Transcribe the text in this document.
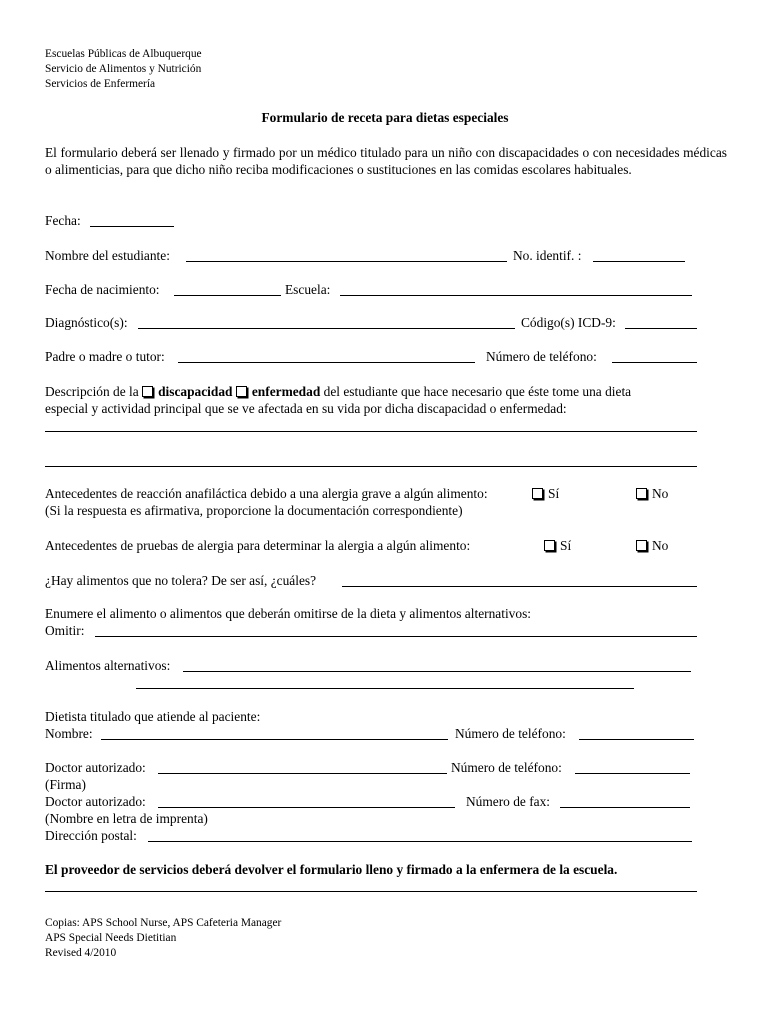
Escuelas Públicas de Albuquerque
Servicio de Alimentos y Nutrición
Servicios de Enfermería
Formulario de receta para dietas especiales
El formulario deberá ser llenado y firmado por un médico titulado para un niño con discapacidades o con necesidades médicas o alimenticias, para que dicho niño reciba modificaciones o sustituciones en las comidas escolares habituales.
Fecha:
Nombre del estudiante:	No. identif. :
Fecha de nacimiento:	Escuela:
Diagnóstico(s):	Código(s) ICD-9:
Padre o madre o tutor:	Número de teléfono:
Descripción de la discapacidad enfermedad del estudiante que hace necesario que éste tome una dieta
especial y actividad principal que se ve afectada en su vida por dicha discapacidad o enfermedad:
Antecedentes de reacción anafiláctica debido a una alergia grave a algún alimento:	Sí	No
(Si la respuesta es afirmativa, proporcione la documentación correspondiente)
Antecedentes de pruebas de alergia para determinar la alergia a algún alimento:	Sí	No
¿Hay alimentos que no tolera? De ser así, ¿cuáles?
Enumere el alimento o alimentos que deberán omitirse de la dieta y alimentos alternativos:
Omitir:
Alimentos alternativos:
Dietista titulado que atiende al paciente:
Nombre:	Número de teléfono:
Doctor autorizado:	Número de teléfono:
(Firma)
Doctor autorizado:	Número de fax:
(Nombre en letra de imprenta)
Dirección postal:
El proveedor de servicios deberá devolver el formulario lleno y firmado a la enfermera de la escuela.
Copias: APS School Nurse, APS Cafeteria Manager
APS Special Needs Dietitian
Revised 4/2010
